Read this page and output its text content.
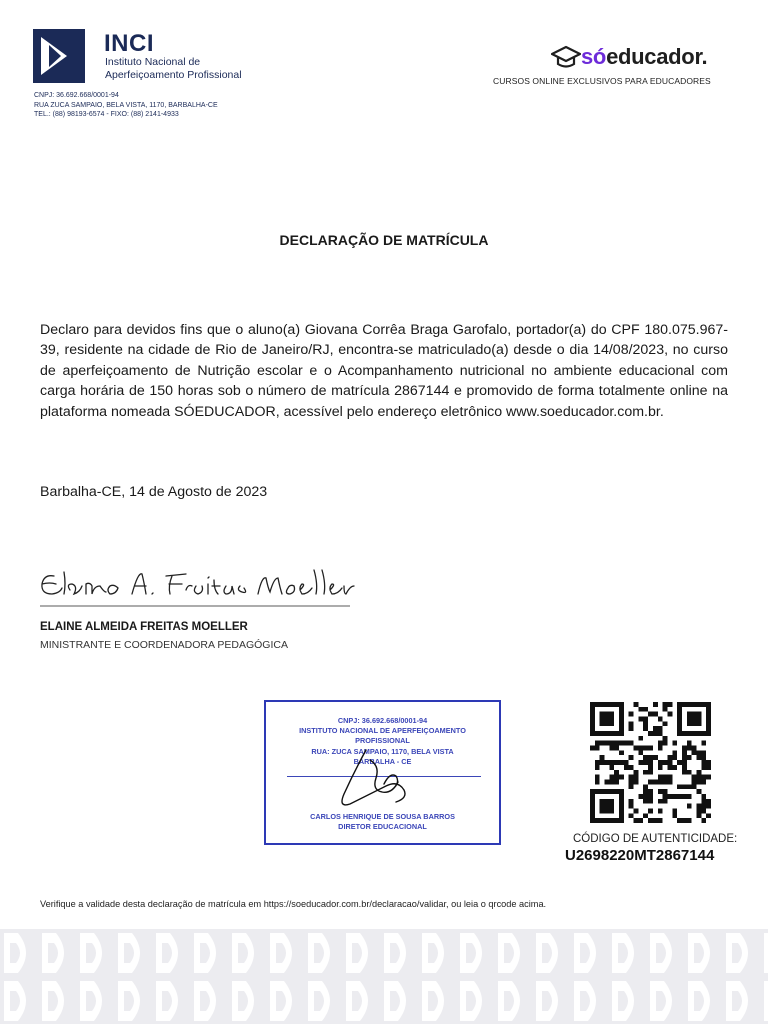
INCI
Instituto Nacional de
Aperfeiçoamento Profissional
CNPJ: 36.692.668/0001-94
RUA ZUCA SAMPAIO, BELA VISTA, 1170, BARBALHA-CE
TEL.: (88) 98193-6574 - FIXO: (88) 2141-4933
sóeducador.
CURSOS ONLINE EXCLUSIVOS PARA EDUCADORES
DECLARAÇÃO DE MATRÍCULA
Declaro para devidos fins que o aluno(a) Giovana Corrêa Braga Garofalo, portador(a) do CPF 180.075.967-39, residente na cidade de Rio de Janeiro/RJ, encontra-se matriculado(a) desde o dia 14/08/2023, no curso de aperfeiçoamento de Nutrição escolar e o Acompanhamento nutricional no ambiente educacional com carga horária de 150 horas sob o número de matrícula 2867144 e promovido de forma totalmente online na plataforma nomeada SÓEDUCADOR, acessível pelo endereço eletrônico www.soeducador.com.br.
Barbalha-CE, 14 de Agosto de 2023
ELAINE ALMEIDA FREITAS MOELLER
MINISTRANTE E COORDENADORA PEDAGÓGICA
CNPJ: 36.692.668/0001-94
INSTITUTO NACIONAL DE APERFEIÇOAMENTO
PROFISSIONAL
RUA: ZUCA SAMPAIO, 1170, BELA VISTA
BARBALHA - CE
CARLOS HENRIQUE DE SOUSA BARROS
DIRETOR EDUCACIONAL
CÓDIGO DE AUTENTICIDADE:
U2698220MT2867144
Verifique a validade desta declaração de matrícula em https://soeducador.com.br/declaracao/validar, ou leia o qrcode acima.
